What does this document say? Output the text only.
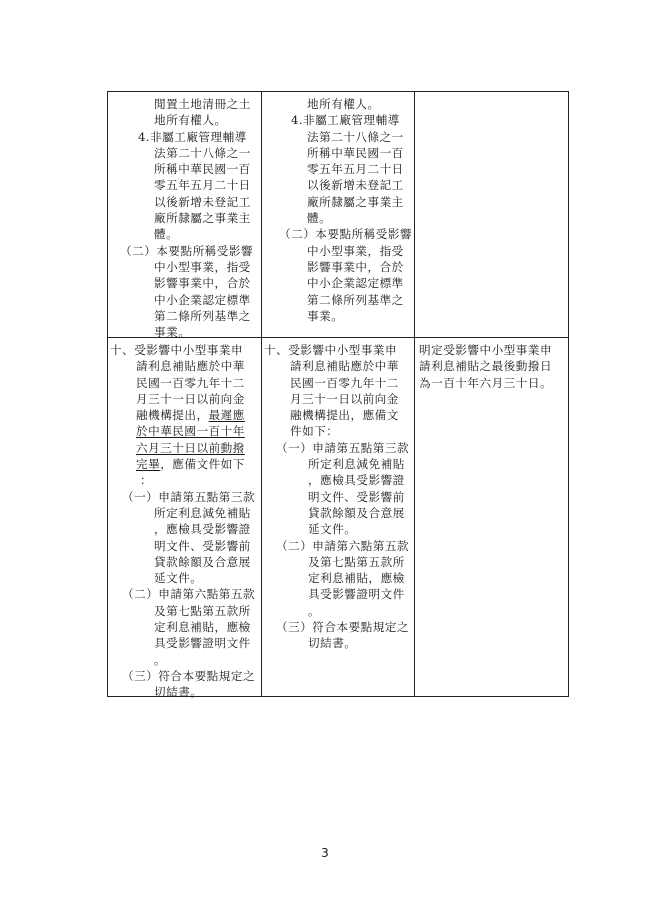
閒置土地清冊之土
地所有權人。
4.非屬工廠管理輔導
法第二十八條之一
所稱中華民國一百
零五年五月二十日
以後新增未登記工
廠所隸屬之事業主
體。
（二）本要點所稱受影響
中小型事業，指受
影響事業中，合於
中小企業認定標準
第二條所列基準之
事業。
地所有權人。
4.非屬工廠管理輔導
法第二十八條之一
所稱中華民國一百
零五年五月二十日
以後新增未登記工
廠所隸屬之事業主
體。
（二）本要點所稱受影響
中小型事業，指受
影響事業中，合於
中小企業認定標準
第二條所列基準之
事業。
十、受影響中小型事業申
請利息補貼應於中華
民國一百零九年十二
月三十一日以前向金
融機構提出，最遲應
於中華民國一百十年
六月三十日以前動撥
完畢，應備文件如下
：
（一）申請第五點第三款
所定利息減免補貼
，應檢具受影響證
明文件、受影響前
貸款餘額及合意展
延文件。
（二）申請第六點第五款
及第七點第五款所
定利息補貼，應檢
具受影響證明文件
。
（三）符合本要點規定之
切結書。
十、受影響中小型事業申
請利息補貼應於中華
民國一百零九年十二
月三十一日以前向金
融機構提出，應備文
件如下：
（一）申請第五點第三款
所定利息減免補貼
，應檢具受影響證
明文件、受影響前
貸款餘額及合意展
延文件。
（二）申請第六點第五款
及第七點第五款所
定利息補貼，應檢
具受影響證明文件
。
（三）符合本要點規定之
切結書。
明定受影響中小型事業申
請利息補貼之最後動撥日
為一百十年六月三十日。
3
